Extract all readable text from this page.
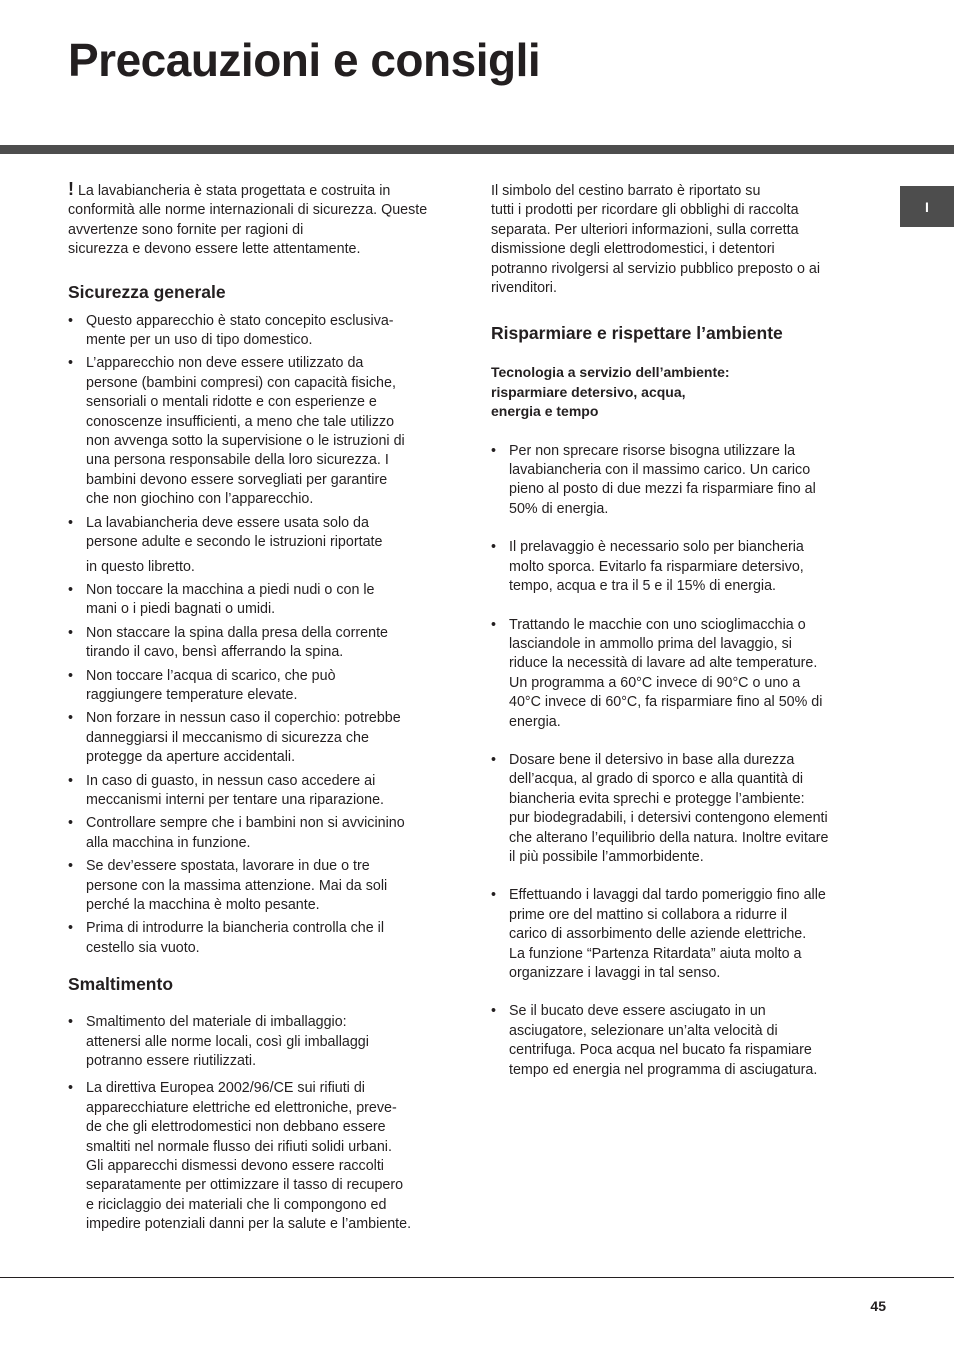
Precauzioni e consigli
I

! La lavabiancheria è stata progettata e costruita in
conformità alle norme internazionali di sicurezza. Queste
avvertenze sono fornite per ragioni di
sicurezza e devono essere lette attentamente.

Sicurezza generale
• Questo apparecchio è stato concepito esclusiva-
mente per un uso di tipo domestico.
• L’apparecchio non deve essere utilizzato da
persone (bambini compresi) con capacità fisiche,
sensoriali o mentali ridotte e con esperienze e
conoscenze insufficienti, a meno che tale utilizzo
non avvenga sotto la supervisione o le istruzioni di
una persona responsabile della loro sicurezza. I
bambini devono essere sorvegliati per garantire
che non giochino con l’apparecchio.
• La lavabiancheria deve essere usata solo da
persone adulte e secondo le istruzioni riportate

in questo libretto.
• Non toccare la macchina a piedi nudi o con le
mani o i piedi bagnati o umidi.
• Non staccare la spina dalla presa della corrente
tirando il cavo, bensì afferrando la spina.
• Non toccare l’acqua di scarico, che può
raggiungere temperature elevate.
• Non forzare in nessun caso il coperchio: potrebbe
danneggiarsi il meccanismo di sicurezza che
protegge da aperture accidentali.
• In caso di guasto, in nessun caso accedere ai
meccanismi interni per tentare una riparazione.
• Controllare sempre che i bambini non si avvicinino
alla macchina in funzione.
• Se dev’essere spostata, lavorare in due o tre
persone con la massima attenzione. Mai da soli
perché la macchina è molto pesante.
• Prima di introdurre la biancheria controlla che il
cestello sia vuoto.
Smaltimento
• Smaltimento del materiale di imballaggio:
attenersi alle norme locali, così gli imballaggi
potranno essere riutilizzati.
• La direttiva Europea 2002/96/CE sui rifiuti di
apparecchiature elettriche ed elettroniche, preve-
de che gli elettrodomestici non debbano essere
smaltiti nel normale flusso dei rifiuti solidi urbani.
Gli apparecchi dismessi devono essere raccolti
separatamente per ottimizzare il tasso di recupero
e riciclaggio dei materiali che li compongono ed
impedire potenziali danni per la salute e l’ambiente.

Il simbolo del cestino barrato è riportato su
tutti i prodotti per ricordare gli obblighi di raccolta
separata. Per ulteriori informazioni, sulla corretta
dismissione degli elettrodomestici, i detentori
potranno rivolgersi al servizio pubblico preposto o ai
rivenditori.

Risparmiare e rispettare l’ambiente

Tecnologia a servizio dell’ambiente:
risparmiare detersivo, acqua,
energia e tempo

• Per non sprecare risorse bisogna utilizzare la
lavabiancheria con il massimo carico. Un carico
pieno al posto di due mezzi fa risparmiare fino al
50% di energia.
• Il prelavaggio è necessario solo per biancheria
molto sporca. Evitarlo fa risparmiare detersivo,
tempo, acqua e tra il 5 e il 15% di energia.
• Trattando le macchie con uno scioglimacchia o
lasciandole in ammollo prima del lavaggio, si
riduce la necessità di lavare ad alte temperature.
Un programma a 60°C invece di 90°C o uno a
40°C invece di 60°C, fa risparmiare fino al 50% di
energia.
• Dosare bene il detersivo in base alla durezza
dell’acqua, al grado di sporco e alla quantità di
biancheria evita sprechi e protegge l’ambiente:
pur biodegradabili, i detersivi contengono elementi
che alterano l’equilibrio della natura. Inoltre evitare
il più possibile l’ammorbidente.
• Effettuando i lavaggi dal tardo pomeriggio fino alle
prime ore del mattino si collabora a ridurre il
carico di assorbimento delle aziende elettriche.
La funzione “Partenza Ritardata” aiuta molto a
organizzare i lavaggi in tal senso.
• Se il bucato deve essere asciugato in un
asciugatore, selezionare un’alta velocità di
centrifuga. Poca acqua nel bucato fa rispamiare
tempo ed energia nel programma di asciugatura.
45
